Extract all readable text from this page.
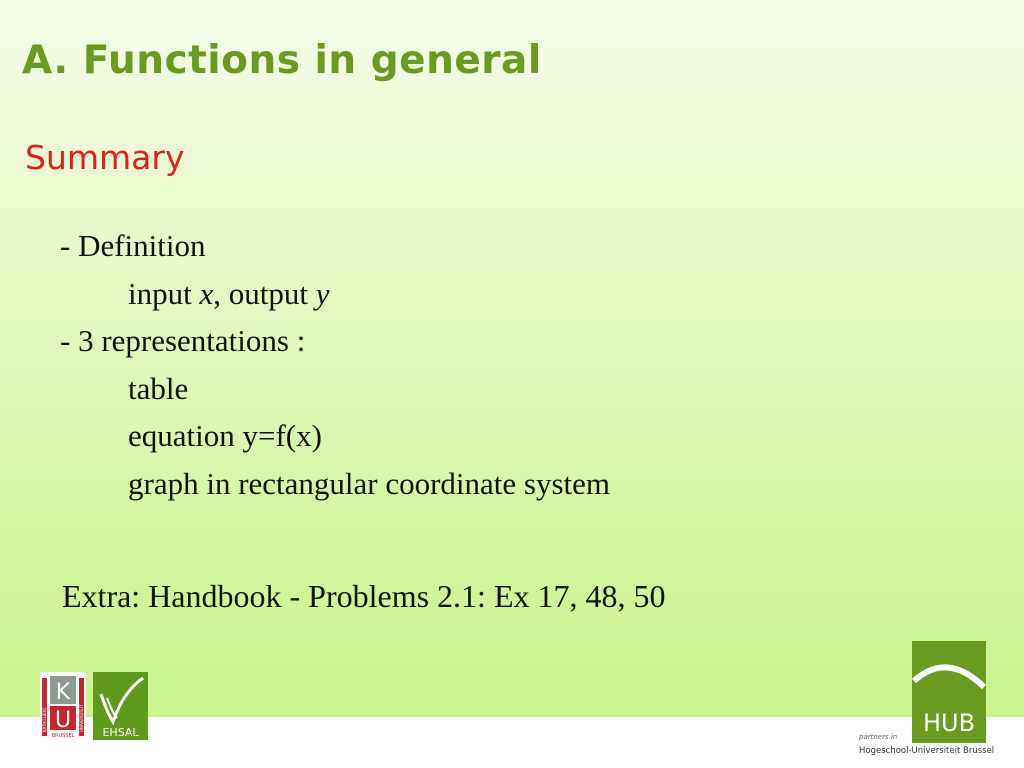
A. Functions in general
Summary
- Definition
input x, output y
- 3 representations :
table
equation y=f(x)
graph in rectangular coordinate system
Extra: Handbook - Problems 2.1: Ex 17, 48, 50
K
U
BRUSSEL
KATHOLIEKE	UNIVERSITEIT
EHSAL	HUB
partners in
Hogeschool-Universiteit Brussel
